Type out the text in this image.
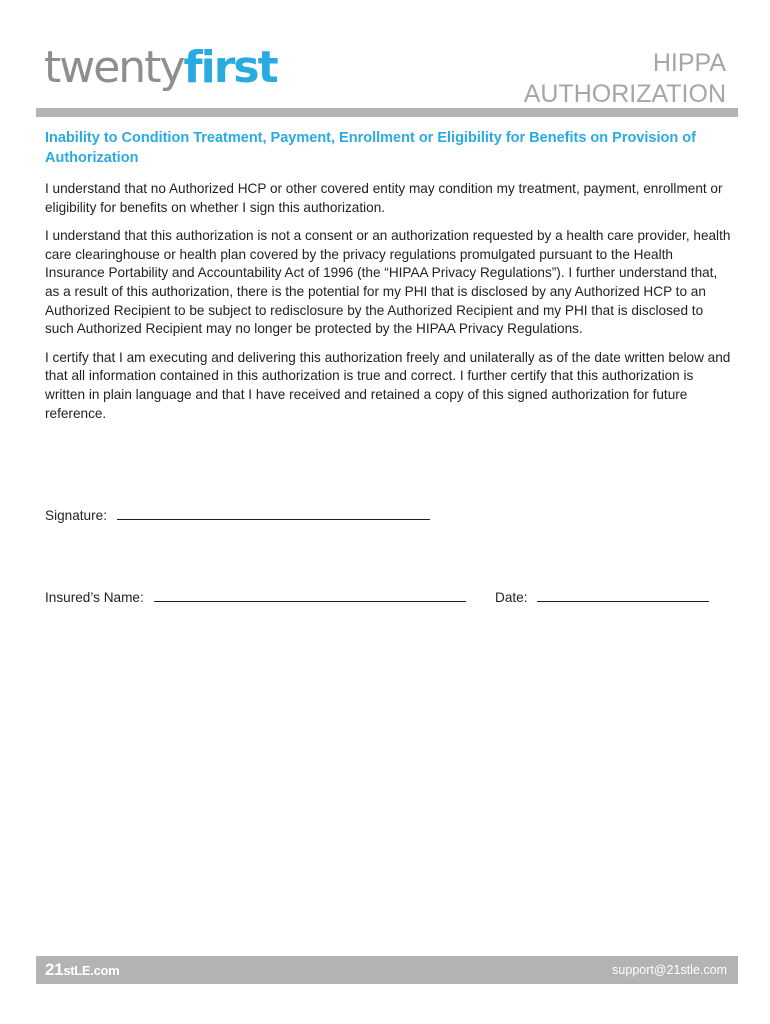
twentyfirst	HIPPA
AUTHORIZATION
Inability to Condition Treatment, Payment, Enrollment or Eligibility for Benefits on Provision of Authorization

I understand that no Authorized HCP or other covered entity may condition my treatment, payment, enrollment or eligibility for benefits on whether I sign this authorization.

I understand that this authorization is not a consent or an authorization requested by a health care provider, health care clearinghouse or health plan covered by the privacy regulations promulgated pursuant to the Health Insurance Portability and Accountability Act of 1996 (the “HIPAA Privacy Regulations”). I further understand that, as a result of this authorization, there is the potential for my PHI that is disclosed by any Authorized HCP to an Authorized Recipient to be subject to redisclosure by the Authorized Recipient and my PHI that is disclosed to such Authorized Recipient may no longer be protected by the HIPAA Privacy Regulations.

I certify that I am executing and delivering this authorization freely and unilaterally as of the date written below and that all information contained in this authorization is true and correct. I further certify that this authorization is written in plain language and that I have received and retained a copy of this signed authorization for future reference.

Signature:
Insured’s Name:	Date:
21stLE.com	support@21stle.com
